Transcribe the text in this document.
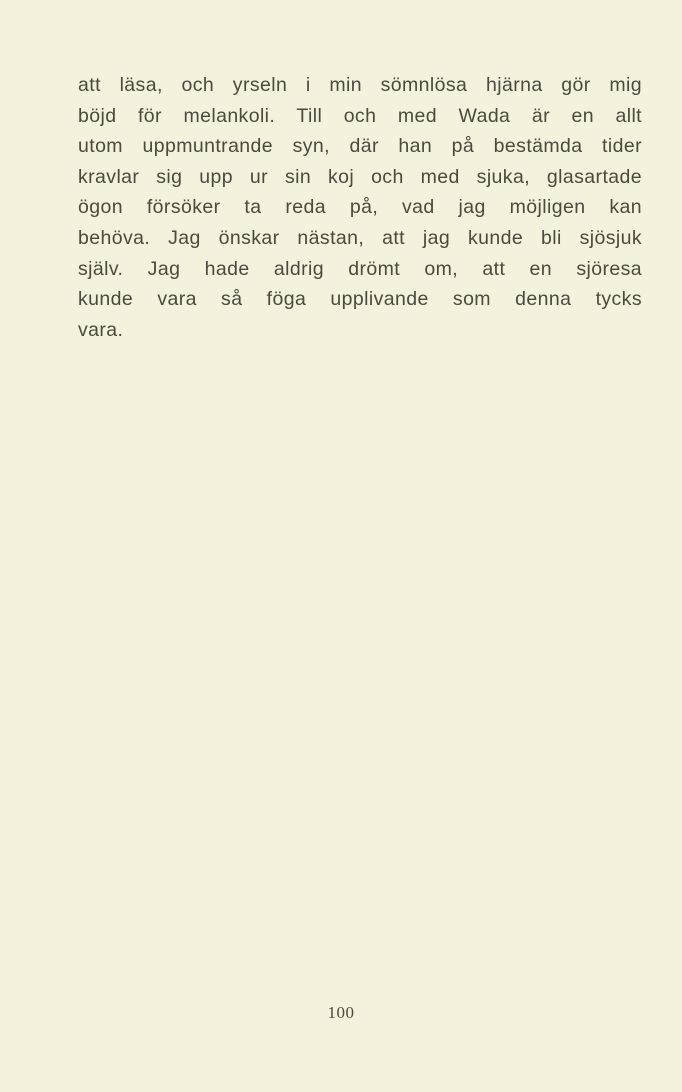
att läsa, och yrseln i min sömnlösa hjärna gör mig
böjd för melankoli. Till och med Wada är en allt
utom uppmuntrande syn, där han på bestämda tider
kravlar sig upp ur sin koj och med sjuka, glasartade
ögon försöker ta reda på, vad jag möjligen kan
behöva. Jag önskar nästan, att jag kunde bli sjösjuk
själv. Jag hade aldrig drömt om, att en sjöresa
kunde vara så föga upplivande som denna tycks
vara.
100
